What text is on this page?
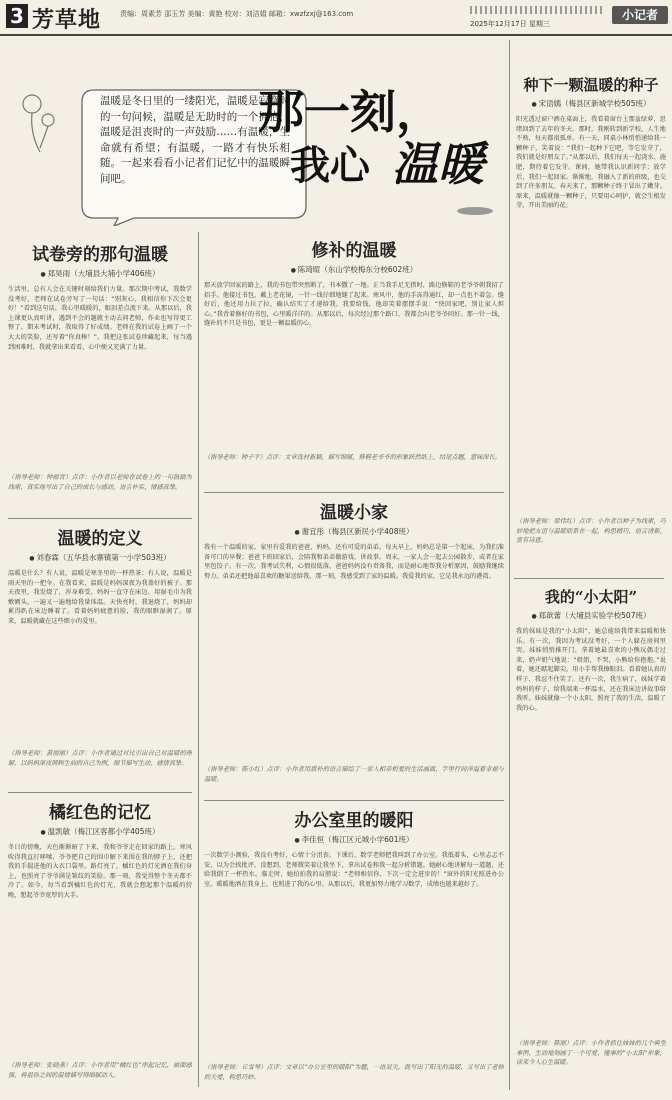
3 芳草地	责编：周素芳 邵玉芳 美编：黄艳 校对：刘洁娟 邮箱：xwzfzxj@163.com
2025年12月17日 星期三
小记者
温暖是冬日里的一缕阳光，温暖是寂寞时的一句问候，温暖是无助时的一个拥抱，温暖是沮丧时的一声鼓励……有温暖，生命就有希望；有温暖，一路才有快乐相随。一起来看看小记者们记忆中的温暖瞬间吧。
那一刻，
我心 温暖
试卷旁的那句温暖
● 郑昊雨（大埔县大埔小学406班）
生活里，总有人会在关键时刻给我们力量。那次期中考试，我数学没考好，老师在试卷旁写了一句话：“别灰心，我相信你下次会更好！”看到这句话，我心里暖暖的，眼泪差点流下来。从那以后，我上课更认真听讲，遇到不会的题就主动去问老师，作业也写得更工整了。期末考试时，我取得了好成绩。老师在我的试卷上画了一个大大的笑脸，还写着“你真棒！”。我把这张试卷珍藏起来，每当遇到困难时，我就拿出来看看，心中便又充满了力量。
（指导老师：钟丽青）点评：小作者以老师在试卷上的一句鼓励为线索，真实地写出了自己的成长与感动，语言朴实，情感真挚。
温暖的定义
● 刘春霖（五华县水寨镇第一小学503班）
温暖是什么？有人说，温暖是寒冬里的一杯热茶；有人说，温暖是雨天里的一把伞。在我看来，温暖是妈妈深夜为我盖好的被子。那天夜里，我发烧了，浑身难受。妈妈一直守在床边，用湿毛巾为我敷额头，一遍又一遍地给我量体温。天快亮时，我退烧了，妈妈却累得趴在床边睡着了。看着妈妈疲惫的脸，我的眼眶湿润了。原来，温暖就藏在这些细小的爱里。
（指导老师：黄丽丽）点评：小作者通过对比引出自己对温暖的理解，以妈妈深夜照顾生病的自己为例，细节描写生动，感情真挚。
橘红色的记忆
● 温凯敏（梅江区客都小学405班）
冬日的傍晚，天色渐渐暗了下来，我和爷爷走在回家的路上。寒风吹得我直打哆嗦，爷爷把自己的围巾解下来围在我的脖子上，还把我的手揣进他的大衣口袋里。路灯亮了，橘红色的灯光洒在我们身上，也照亮了爷爷满是皱纹的笑脸。那一刻，我觉得整个冬天都不冷了。如今，每当看到橘红色的灯光，我就会想起那个温暖的傍晚，想起爷爷宽厚的大手。
（指导老师：张晓燕）点评：小作者用“橘红色”串起记忆，画面感强，将祖孙之间的温情描写得细腻动人。
修补的温暖
● 陈琦暄（东山学校梅东分校602班）
那天放学回家的路上，我的书包带突然断了，书本撒了一地。正当我手足无措时，路边修鞋的老爷爷朝我招了招手。他接过书包，戴上老花镜，一针一线仔细地缝了起来。寒风中，他的手冻得通红，却一点也不着急。缝好后，他还用力拉了拉，确认结实了才递给我。我要给钱，他却笑着摆摆手说：“快回家吧，别让家人担心。”我背着修好的书包，心里暖洋洋的。从那以后，每次经过那个路口，我都会向老爷爷问好。那一针一线，缝补的不只是书包，更是一颗温暖的心。
（指导老师：钟子平）点评：文章选材新颖，描写细腻，修鞋老爷爷的形象跃然纸上，结尾点题，意味深长。
温暖小家
● 谢宜彤（梅县区新民小学408班）
我有一个温暖的家，家里有爱我的爸爸、妈妈，还有可爱的弟弟。每天早上，妈妈总是第一个起床，为我们准备可口的早餐；爸爸下班回家后，会陪我和弟弟做游戏、讲故事。周末，一家人会一起去公园散步，或者在家里包饺子。有一次，我考试失利，心情很低落，爸爸妈妈没有责备我，而是耐心地帮我分析原因，鼓励我继续努力。弟弟还把他最喜欢的糖果送给我。那一刻，我感受到了家的温暖。我爱我的家，它是我永远的港湾。
（指导老师：陈小红）点评：小作者用质朴的语言描绘了一家人相亲相爱的生活画面，字里行间洋溢着幸福与温暖。
办公室里的暖阳
● 李佳恒（梅江区元城小学601班）
一次数学小测验，我没有考好，心情十分沮丧。下课后，数学老师把我叫到了办公室。我低着头，心里忐忑不安，以为会挨批评。没想到，老师微笑着让我坐下，拿出试卷和我一起分析错题。她耐心地讲解每一道题，还给我倒了一杯热水。临走时，她拍拍我的肩膀说：“老师相信你，下次一定会进步的！”窗外的阳光照进办公室，暖暖地洒在我身上，也照进了我的心里。从那以后，我更加努力地学习数学，成绩也越来越好了。
（指导老师：丘雪琴）点评：文章以“办公室里的暖阳”为题，一语双关，既写出了阳光的温暖，又写出了老师的关爱，构思巧妙。
种下一颗温暖的种子
● 宋语嫣（梅县区新城学校505班）
阳光透过窗户洒在桌面上，我看着窗台上那盆绿萝，思绪回到了去年的冬天。那时，我刚转到新学校，人生地不熟，每天都很孤单。有一天，同桌小林悄悄递给我一颗种子，笑着说：“我们一起种下它吧，等它发芽了，我们就是好朋友了。”从那以后，我们每天一起浇水、施肥，期待着它发芽。课间，她带我认识新同学；放学后，我们一起回家。渐渐地，我融入了新的班级，也交到了许多朋友。春天来了，那颗种子终于冒出了嫩芽。原来，温暖就像一颗种子，只要用心呵护，就会生根发芽，开出美丽的花。
（指导老师：梁伟红）点评：小作者以种子为线索，巧妙地把友谊与温暖联系在一起，构思精巧，语言清新，富有诗意。
我的“小太阳”
● 郑歆蕾（大埔县实验学校507班）
我的妹妹是我的“小太阳”，她总能给我带来温暖和快乐。有一次，我因为考试没考好，一个人躲在房间里哭。妹妹悄悄推开门，拿着她最喜欢的小熊玩偶走过来，奶声奶气地说：“姐姐，不哭，小熊给你抱抱。”说着，她还踮起脚尖，用小手帮我擦眼泪。看着她认真的样子，我忍不住笑了。还有一次，我生病了，妹妹学着妈妈的样子，给我端来一杯温水，还在我床边讲故事给我听。妹妹就像一个小太阳，照亮了我的生活，温暖了我的心。
（指导老师：陈丽）点评：小作者抓住妹妹的几个典型事例，生动地刻画了一个可爱、懂事的“小太阳”形象，读来令人心生温暖。
